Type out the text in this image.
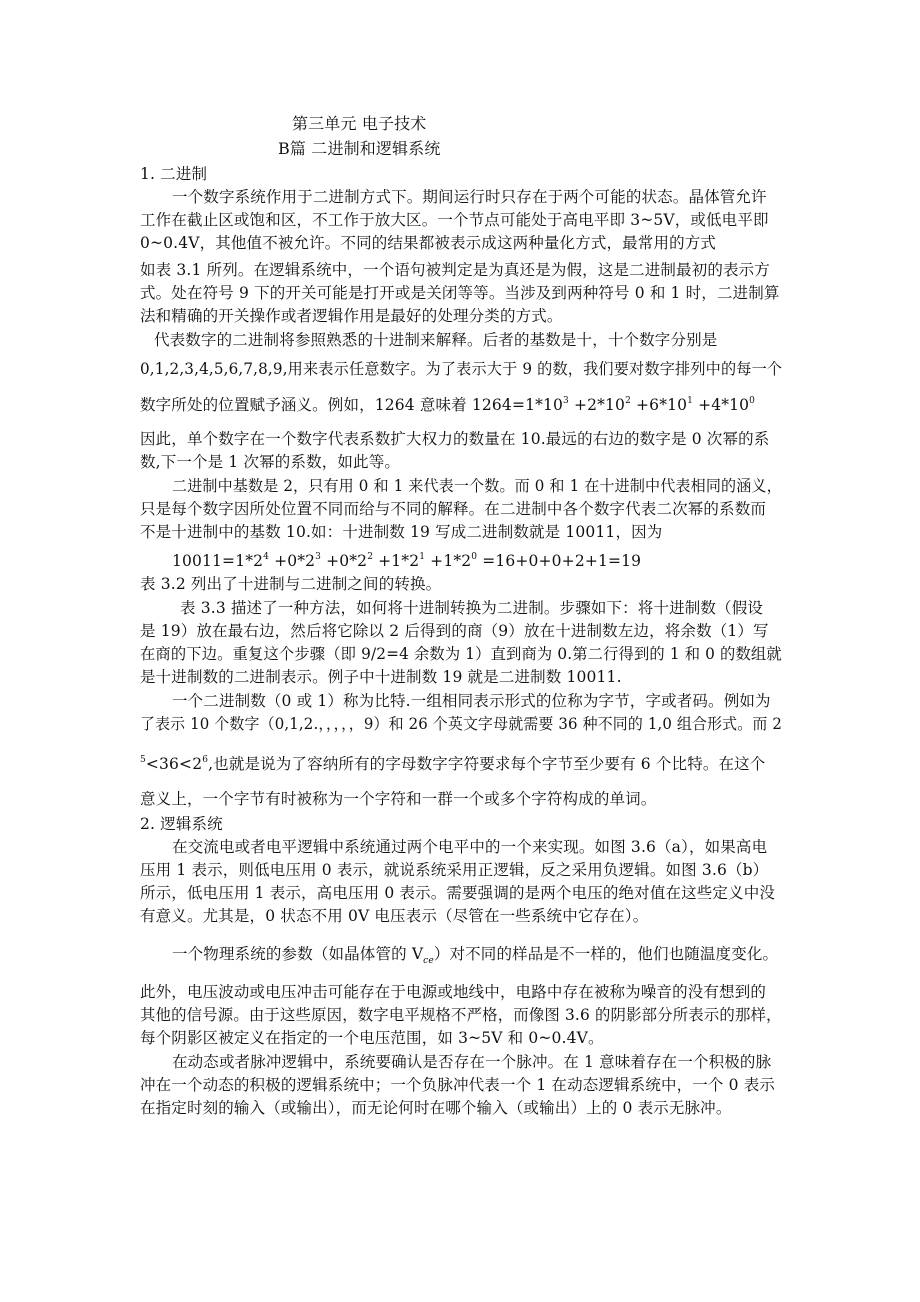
第三单元 电子技术
B篇 二进制和逻辑系统
1. 二进制
一个数字系统作用于二进制方式下。期间运行时只存在于两个可能的状态。晶体管允许
工作在截止区或饱和区，不工作于放大区。一个节点可能处于高电平即 3~5V，或低电平即
0~0.4V，其他值不被允许。不同的结果都被表示成这两种量化方式，最常用的方式
如表 3.1 所列。在逻辑系统中，一个语句被判定是为真还是为假，这是二进制最初的表示方
式。处在符号 9 下的开关可能是打开或是关闭等等。当涉及到两种符号 0 和 1 时，二进制算
法和精确的开关操作或者逻辑作用是最好的处理分类的方式。
代表数字的二进制将参照熟悉的十进制来解释。后者的基数是十，十个数字分别是
0,1,2,3,4,5,6,7,8,9,用来表示任意数字。为了表示大于 9 的数，我们要对数字排列中的每一个
数字所处的位置赋予涵义。例如，1264 意味着 $1264=1*10^3 +2*10^2 +6*10^1 +4*10^0$
因此，单个数字在一个数字代表系数扩大权力的数量在 10.最远的右边的数字是 0 次幂的系
数,下一个是 1 次幂的系数，如此等。
二进制中基数是 2，只有用 0 和 1 来代表一个数。而 0 和 1 在十进制中代表相同的涵义，
只是每个数字因所处位置不同而给与不同的解释。在二进制中各个数字代表二次幂的系数而
不是十进制中的基数 10.如：十进制数 19 写成二进制数就是 10011，因为
$10011=1*2^4 +0*2^3 +0*2^2 +1*2^1 +1*2^0 =16+0+0+2+1=19$
表 3.2 列出了十进制与二进制之间的转换。
表 3.3 描述了一种方法，如何将十进制转换为二进制。步骤如下：将十进制数（假设
是 19）放在最右边，然后将它除以 2 后得到的商（9）放在十进制数左边，将余数（1）写
在商的下边。重复这个步骤（即 9/2=4 余数为 1）直到商为 0.第二行得到的 1 和 0 的数组就
是十进制数的二进制表示。例子中十进制数 19 就是二进制数 10011.
一个二进制数（0 或 1）称为比特.一组相同表示形式的位称为字节，字或者码。例如为
了表示 10 个数字（0,1,2.，，，，，9）和 26 个英文字母就需要 36 种不同的 1,0 组合形式。而 2
$^5<36<2^6$,也就是说为了容纳所有的字母数字字符要求每个字节至少要有 6 个比特。在这个
意义上，一个字节有时被称为一个字符和一群一个或多个字符构成的单词。
2. 逻辑系统
在交流电或者电平逻辑中系统通过两个电平中的一个来实现。如图 3.6（a），如果高电
压用 1 表示，则低电压用 0 表示，就说系统采用正逻辑，反之采用负逻辑。如图 3.6（b）
所示，低电压用 1 表示，高电压用 0 表示。需要强调的是两个电压的绝对值在这些定义中没
有意义。尤其是，0 状态不用 0V 电压表示（尽管在一些系统中它存在）。
一个物理系统的参数（如晶体管的 $V_{ce}$）对不同的样品是不一样的，他们也随温度变化。
此外，电压波动或电压冲击可能存在于电源或地线中，电路中存在被称为噪音的没有想到的
其他的信号源。由于这些原因，数字电平规格不严格，而像图 3.6 的阴影部分所表示的那样，
每个阴影区被定义在指定的一个电压范围，如 3~5V 和 0~0.4V。
在动态或者脉冲逻辑中，系统要确认是否存在一个脉冲。在 1 意味着存在一个积极的脉
冲在一个动态的积极的逻辑系统中；一个负脉冲代表一个 1 在动态逻辑系统中，一个 0 表示
在指定时刻的输入（或输出），而无论何时在哪个输入（或输出）上的 0 表示无脉冲。
